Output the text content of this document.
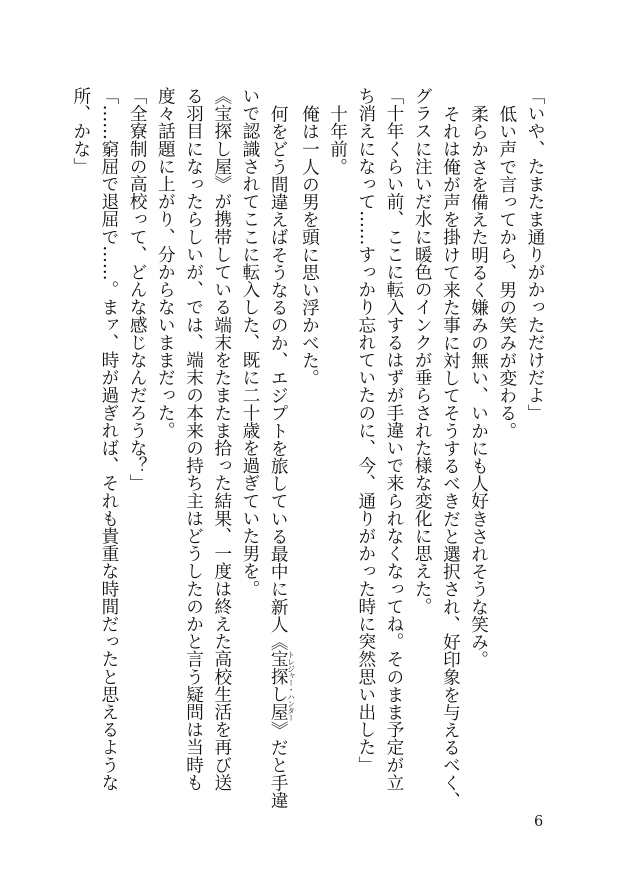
「いや、たまたま通りがかっただけだよ」

低い声で言ってから、男の笑みが変わる。

柔らかさを備えた明るく嫌みの無い、いかにも人好きされそうな笑み。

それは俺が声を掛けて来た事に対してそうするべきだと選択され、好印象を与えるべく、

グラスに注いだ水に暖色のインクが垂らされた様な変化に思えた。

「十年くらい前、ここに転入するはずが手違いで来られなくなってね。そのまま予定が立

ち消えになって……すっかり忘れていたのに、今、通りがかった時に突然思い出した」

十年前。

俺は一人の男を頭に思い浮かべた。

何をどう間違えばそうなるのか、エジプトを旅している最中に新人《宝探し屋トレジャー・ハンター》だと手違

いで認識されてここに転入した、既に二十歳を過ぎていた男を。

《宝探し屋》が携帯している端末をたまたま拾った結果、一度は終えた高校生活を再び送

る羽目になったらしいが、では、端末の本来の持ち主はどうしたのかと言う疑問は当時も

度々話題に上がり、分からないままだった。

「全寮制の高校って、どんな感じなんだろうな？」

「……窮屈で退屈で……。まァ、時が過ぎれば、それも貴重な時間だったと思えるような

所、かな」

6
